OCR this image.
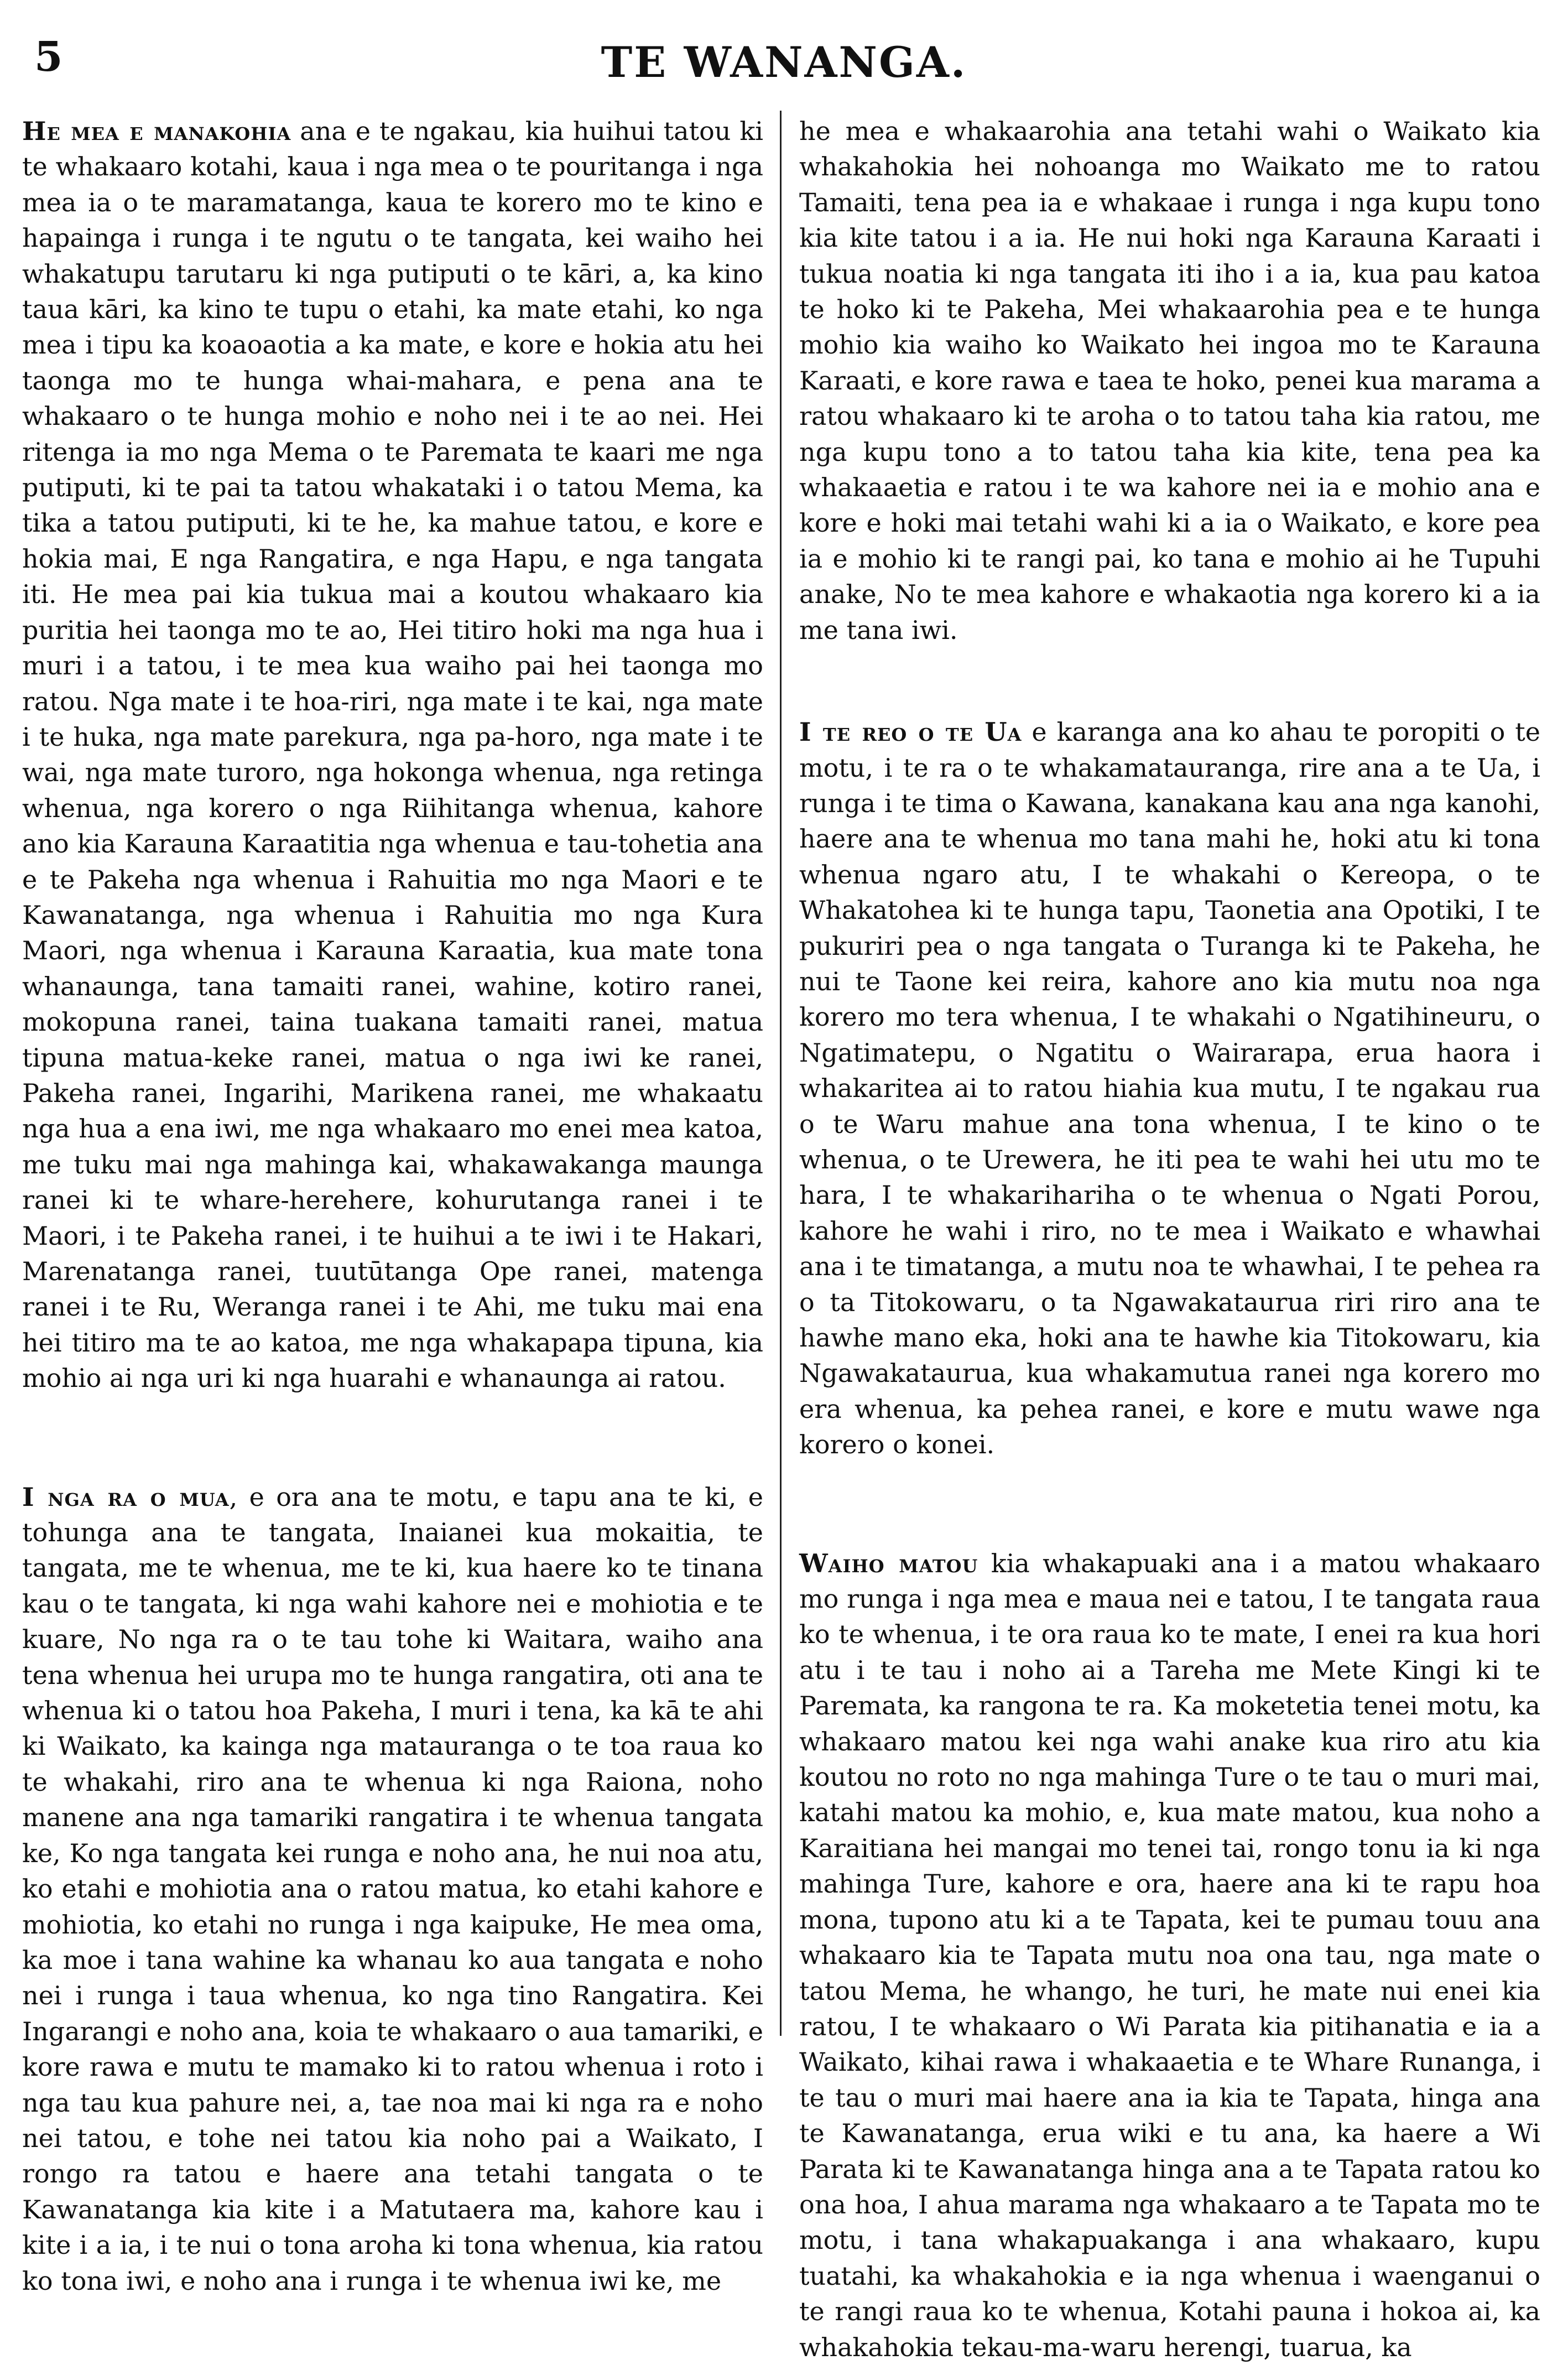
5	TE WANANGA.

He mea e manakohia ana e te ngakau, kia huihui tatou ki te whakaaro kotahi, kaua i nga mea o te pouritanga i nga mea ia o te maramatanga, kaua te korero mo te kino e hapainga i runga i te ngutu o te tangata, kei waiho hei whakatupu tarutaru ki nga putiputi o te kāri, a, ka kino taua kāri, ka kino te tupu o etahi, ka mate etahi, ko nga mea i tipu ka koaoaotia a ka mate, e kore e hokia atu hei taonga mo te hunga whai-mahara, e pena ana te whakaaro o te hunga mohio e noho nei i te ao nei. Hei ritenga ia mo nga Mema o te Paremata te kaari me nga putiputi, ki te pai ta tatou whakataki i o tatou Mema, ka tika a tatou putiputi, ki te he, ka mahue tatou, e kore e hokia mai, E nga Rangatira, e nga Hapu, e nga tangata iti. He mea pai kia tukua mai a koutou whakaaro kia puritia hei taonga mo te ao, Hei titiro hoki ma nga hua i muri i a tatou, i te mea kua waiho pai hei taonga mo ratou. Nga mate i te hoa-riri, nga mate i te kai, nga mate i te huka, nga mate parekura, nga pa-horo, nga mate i te wai, nga mate turoro, nga hokonga whenua, nga retinga whenua, nga korero o nga Riihitanga whenua, kahore ano kia Karauna Karaatitia nga whenua e tau-tohetia ana e te Pakeha nga whenua i Rahuitia mo nga Maori e te Kawanatanga, nga whenua i Rahuitia mo nga Kura Maori, nga whenua i Karauna Karaatia, kua mate tona whanaunga, tana tamaiti ranei, wahine, kotiro ranei, mokopuna ranei, taina tuakana tamaiti ranei, matua tipuna matua-keke ranei, matua o nga iwi ke ranei, Pakeha ranei, Ingarihi, Marikena ranei, me whakaatu nga hua a ena iwi, me nga whakaaro mo enei mea katoa, me tuku mai nga mahinga kai, whakawakanga maunga ranei ki te whare-herehere, kohurutanga ranei i te Maori, i te Pakeha ranei, i te huihui a te iwi i te Hakari, Marenatanga ranei, tuutūtanga Ope ranei, matenga ranei i te Ru, Weranga ranei i te Ahi, me tuku mai ena hei titiro ma te ao katoa, me nga whakapapa tipuna, kia mohio ai nga uri ki nga huarahi e whanaunga ai ratou.

I nga ra o mua, e ora ana te motu, e tapu ana te ki, e tohunga ana te tangata, Inaianei kua mokaitia, te tangata, me te whenua, me te ki, kua haere ko te tinana kau o te tangata, ki nga wahi kahore nei e mohiotia e te kuare, No nga ra o te tau tohe ki Waitara, waiho ana tena whenua hei urupa mo te hunga rangatira, oti ana te whenua ki o tatou hoa Pakeha, I muri i tena, ka kā te ahi ki Waikato, ka kainga nga matauranga o te toa raua ko te whakahi, riro ana te whenua ki nga Raiona, noho manene ana nga tamariki rangatira i te whenua tangata ke, Ko nga tangata kei runga e noho ana, he nui noa atu, ko etahi e mohiotia ana o ratou matua, ko etahi kahore e mohiotia, ko etahi no runga i nga kaipuke, He mea oma, ka moe i tana wahine ka whanau ko aua tangata e noho nei i runga i taua whenua, ko nga tino Rangatira. Kei Ingarangi e noho ana, koia te whakaaro o aua tamariki, e kore rawa e mutu te mamako ki to ratou whenua i roto i nga tau kua pahure nei, a, tae noa mai ki nga ra e noho nei tatou, e tohe nei tatou kia noho pai a Waikato, I rongo ra tatou e haere ana tetahi tangata o te Kawanatanga kia kite i a Matutaera ma, kahore kau i kite i a ia, i te nui o tona aroha ki tona whenua, kia ratou ko tona iwi, e noho ana i runga i te whenua iwi ke, me

he mea e whakaarohia ana tetahi wahi o Waikato kia whakahokia hei nohoanga mo Waikato me to ratou Tamaiti, tena pea ia e whakaae i runga i nga kupu tono kia kite tatou i a ia. He nui hoki nga Karauna Karaati i tukua noatia ki nga tangata iti iho i a ia, kua pau katoa te hoko ki te Pakeha, Mei whakaarohia pea e te hunga mohio kia waiho ko Waikato hei ingoa mo te Karauna Karaati, e kore rawa e taea te hoko, penei kua marama a ratou whakaaro ki te aroha o to tatou taha kia ratou, me nga kupu tono a to tatou taha kia kite, tena pea ka whakaaetia e ratou i te wa kahore nei ia e mohio ana e kore e hoki mai tetahi wahi ki a ia o Waikato, e kore pea ia e mohio ki te rangi pai, ko tana e mohio ai he Tupuhi anake, No te mea kahore e whakaotia nga korero ki a ia me tana iwi.

I te reo o te Ua e karanga ana ko ahau te poropiti o te motu, i te ra o te whakamatauranga, rire ana a te Ua, i runga i te tima o Kawana, kanakana kau ana nga kanohi, haere ana te whenua mo tana mahi he, hoki atu ki tona whenua ngaro atu, I te whakahi o Kereopa, o te Whakatohea ki te hunga tapu, Taonetia ana Opotiki, I te pukuriri pea o nga tangata o Turanga ki te Pakeha, he nui te Taone kei reira, kahore ano kia mutu noa nga korero mo tera whenua, I te whakahi o Ngatihineuru, o Ngatimatepu, o Ngatitu o Wairarapa, erua haora i whakaritea ai to ratou hiahia kua mutu, I te ngakau rua o te Waru mahue ana tona whenua, I te kino o te whenua, o te Urewera, he iti pea te wahi hei utu mo te hara, I te whakarihariha o te whenua o Ngati Porou, kahore he wahi i riro, no te mea i Waikato e whawhai ana i te timatanga, a mutu noa te whawhai, I te pehea ra o ta Titokowaru, o ta Ngawakataurua riri riro ana te hawhe mano eka, hoki ana te hawhe kia Titokowaru, kia Ngawakataurua, kua whakamutua ranei nga korero mo era whenua, ka pehea ranei, e kore e mutu wawe nga korero o konei.

Waiho matou kia whakapuaki ana i a matou whakaaro mo runga i nga mea e maua nei e tatou, I te tangata raua ko te whenua, i te ora raua ko te mate, I enei ra kua hori atu i te tau i noho ai a Tareha me Mete Kingi ki te Paremata, ka rangona te ra. Ka moketetia tenei motu, ka whakaaro matou kei nga wahi anake kua riro atu kia koutou no roto no nga mahinga Ture o te tau o muri mai, katahi matou ka mohio, e, kua mate matou, kua noho a Karaitiana hei mangai mo tenei tai, rongo tonu ia ki nga mahinga Ture, kahore e ora, haere ana ki te rapu hoa mona, tupono atu ki a te Tapata, kei te pumau touu ana whakaaro kia te Tapata mutu noa ona tau, nga mate o tatou Mema, he whango, he turi, he mate nui enei kia ratou, I te whakaaro o Wi Parata kia pitihanatia e ia a Waikato, kihai rawa i whakaaetia e te Whare Runanga, i te tau o muri mai haere ana ia kia te Tapata, hinga ana te Kawanatanga, erua wiki e tu ana, ka haere a Wi Parata ki te Kawanatanga hinga ana a te Tapata ratou ko ona hoa, I ahua marama nga whakaaro a te Tapata mo te motu, i tana whakapuakanga i ana whakaaro, kupu tuatahi, ka whakahokia e ia nga whenua i waenganui o te rangi raua ko te whenua, Kotahi pauna i hokoa ai, ka whakahokia tekau-ma-waru herengi, tuarua, ka
